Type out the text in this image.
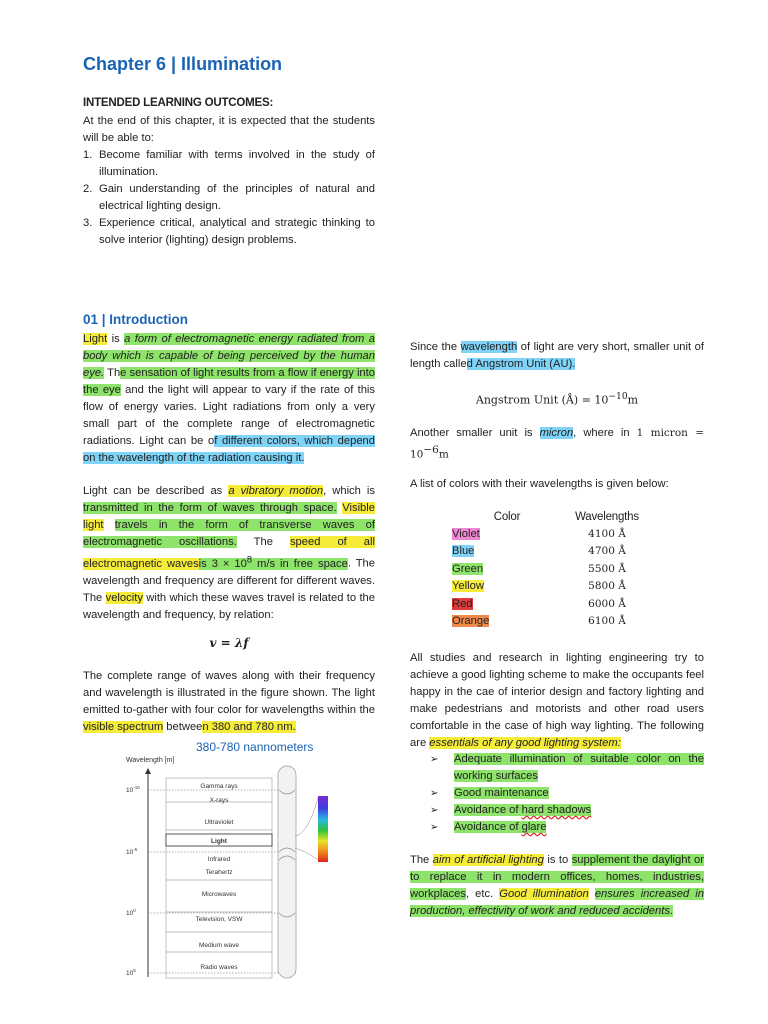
Chapter 6 | Illumination
INTENDED LEARNING OUTCOMES:
At the end of this chapter, it is expected that the students will be able to:
1. Become familiar with terms involved in the study of illumination.
2. Gain understanding of the principles of natural and electrical lighting design.
3. Experience critical, analytical and strategic thinking to solve interior (lighting) design problems.
01 | Introduction
Light is a form of electromagnetic energy radiated from a body which is capable of being perceived by the human eye. The sensation of light results from a flow if energy into the eye and the light will appear to vary if the rate of this flow of energy varies. Light radiations from only a very small part of the complete range of electromagnetic radiations. Light can be of different colors, which depend on the wavelength of the radiation causing it.
Light can be described as a vibratory motion, which is transmitted in the form of waves through space. Visible light travels in the form of transverse waves of electromagnetic oscillations. The speed of all electromagnetic wavesis $3 \times 10^8$ m/s in free space. The wavelength and frequency are different for different waves. The velocity with which these waves travel is related to the wavelength and frequency, by relation:
v = λf
The complete range of waves along with their frequency and wavelength is illustrated in the figure shown. The light emitted to-gather with four color for wavelengths within the visible spectrum between 380 and 780 nm.
380-780 nannometers
Wavelength [m]
$10^{-10}$
$10^{-5}$
$10^0$
$10^5$
Gamma rays
X-rays
Ultraviolet
Light
Infrared
Terahertz
Microwaves
Television, VSW
Medium wave
Radio waves
Since the wavelength of light are very short, smaller unit of length called Angstrom Unit (AU).
Angstrom Unit (Å) = $10^{-10}m$
Another smaller unit is micron, where in 1 micron = $10^{-6}m$
A list of colors with their wavelengths is given below:
Color	Wavelengths
Violet	4100 Å
Blue	4700 Å
Green	5500 Å
Yellow	5800 Å
Red	6000 Å
Orange	6100 Å
All studies and research in lighting engineering try to achieve a good lighting scheme to make the occupants feel happy in the cae of interior design and factory lighting and make pedestrians and motorists and other road users comfortable in the case of high way lighting. The following are essentials of any good lighting system:
➢ Adequate illumination of suitable color on the working surfaces
➢ Good maintenance
➢ Avoidance of hard shadows
➢ Avoidance of glare
The aim of artificial lighting is to supplement the daylight or to replace it in modern offices, homes, industries, workplaces, etc. Good illumination ensures increased in production, effectivity of work and reduced accidents.
